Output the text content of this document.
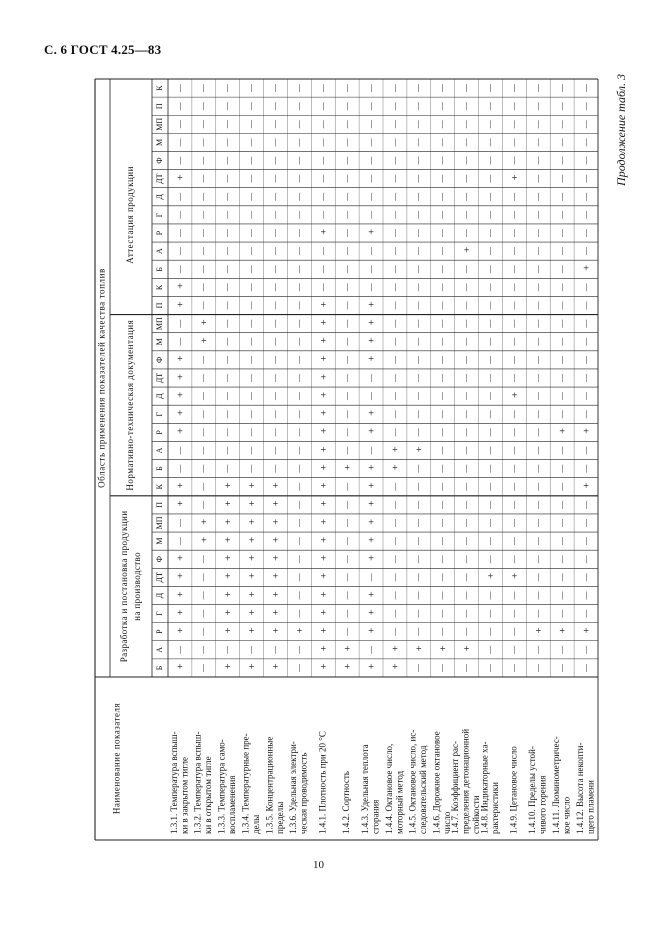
С. 6 ГОСТ 4.25—83
Продолжение табл. 3
Область применения показателей качества топлив
Наименование показателя
Разработка и постановка продукции на производство
Нормативно-техническая документация
Аттестация продукции
Б
А
Р
Г
Д
ДТ
Ф
М
МП
П
К
Б
А
Р
Г
Д
ДТ
Ф
М
МП
П
К
Б
А
Р
Г
Д
ДТ
Ф
М
МП
П
К
1.3.1. Температура вспыш- ки в закрытом тигле
+
—
+
+
+
+
+
—
—
+
+
—
—
+
+
+
+
+
—
—
+
+
—
—
—
—
—
+
—
—
—
—
—
1.3.2. Температура вспыш- ки в открытом тигле
—
—
—
—
—
—
—
+
+
—
—
—
—
—
—
—
—
—
+
+
—
—
—
—
—
—
—
—
—
—
—
—
—
1.3.3. Температура само- воспламенения
+
—
+
+
+
+
+
+
+
+
+
—
—
—
—
—
—
—
—
—
—
—
—
—
—
—
—
—
—
—
—
—
—
1.3.4. Температурные пре- делы
+
—
+
+
+
+
+
+
+
+
+
—
—
—
—
—
—
—
—
—
—
—
—
—
—
—
—
—
—
—
—
—
—
1.3.5. Концентрационные пределы
+
—
+
+
+
+
+
+
+
+
+
—
—
—
—
—
—
—
—
—
—
—
—
—
—
—
—
—
—
—
—
—
—
1.3.6. Удельная электри- ческая проводимость
—
—
+
—
—
—
—
—
—
—
—
—
—
—
—
—
—
—
—
—
—
—
—
—
—
—
—
—
—
—
—
—
—
1.4.1. Плотность при 20 °С
+
+
+
+
+
+
+
+
+
+
+
+
+
+
+
+
+
+
+
+
+
—
—
—
+
—
—
—
—
—
—
—
—
1.4.2. Сортность
+
+
—
—
—
—
—
—
—
—
—
+
—
—
—
—
—
—
—
—
—
—
—
—
—
—
—
—
—
—
—
—
—
1.4.3. Удельная теплота сгорания
+
—
+
+
+
—
+
+
+
+
+
+
—
+
+
—
—
+
+
+
+
—
—
—
+
—
—
—
—
—
—
—
—
1.4.4. Октановое число, моторный метод
+
+
—
—
—
—
—
—
—
—
—
+
+
—
—
—
—
—
—
—
—
—
—
—
—
—
—
—
—
—
—
—
—
1.4.5. Октановое число, ис- следовательский метод
—
+
—
—
—
—
—
—
—
—
—
—
+
—
—
—
—
—
—
—
—
—
—
—
—
—
—
—
—
—
—
—
—
1.4.6. Дорожное октановое число
—
+
—
—
—
—
—
—
—
—
—
—
—
—
—
—
—
—
—
—
—
—
—
—
—
—
—
—
—
—
—
—
—
1.4.7. Коэффициент рас- пределения детонационной стойкости
—
+
—
—
—
—
—
—
—
—
—
—
—
—
—
—
—
—
—
—
—
—
—
+
—
—
—
—
—
—
—
—
—
1.4.8. Индикаторные ха- рактеристики
—
—
—
—
—
+
—
—
—
—
—
—
—
—
—
—
—
—
—
—
—
—
—
—
—
—
—
—
—
—
—
—
—
1.4.9. Цетановое число
—
—
—
—
—
+
—
—
—
—
—
—
—
—
—
+
—
—
—
—
—
—
—
—
—
—
—
+
—
—
—
—
—
1.4.10. Пределы устой- чивого горения
—
—
+
—
—
—
—
—
—
—
—
—
—
—
—
—
—
—
—
—
—
—
—
—
—
—
—
—
—
—
—
—
—
1.4.11. Люминометричес- кое число
—
—
+
—
—
—
—
—
—
—
—
—
—
+
—
—
—
—
—
—
—
—
—
—
—
—
—
—
—
—
—
—
—
1.4.12. Высота некопти- щего пламени
—
—
+
—
—
—
—
—
—
—
+
—
—
+
—
—
—
—
—
—
—
—
+
—
—
—
—
—
—
—
—
—
—
10
